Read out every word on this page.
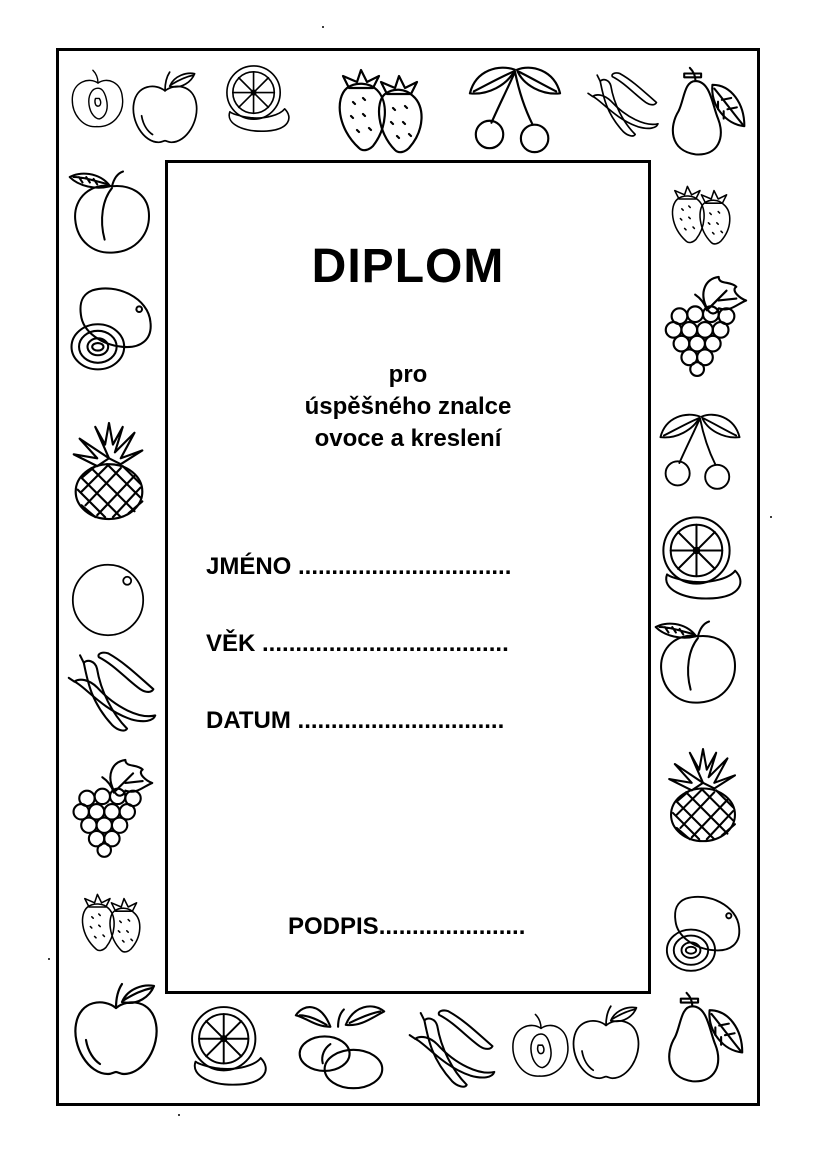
DIPLOM
pro
úspěšného znalce
ovoce a kreslení
JMÉNO ................................
VĚK .....................................
DATUM ...............................
PODPIS......................
